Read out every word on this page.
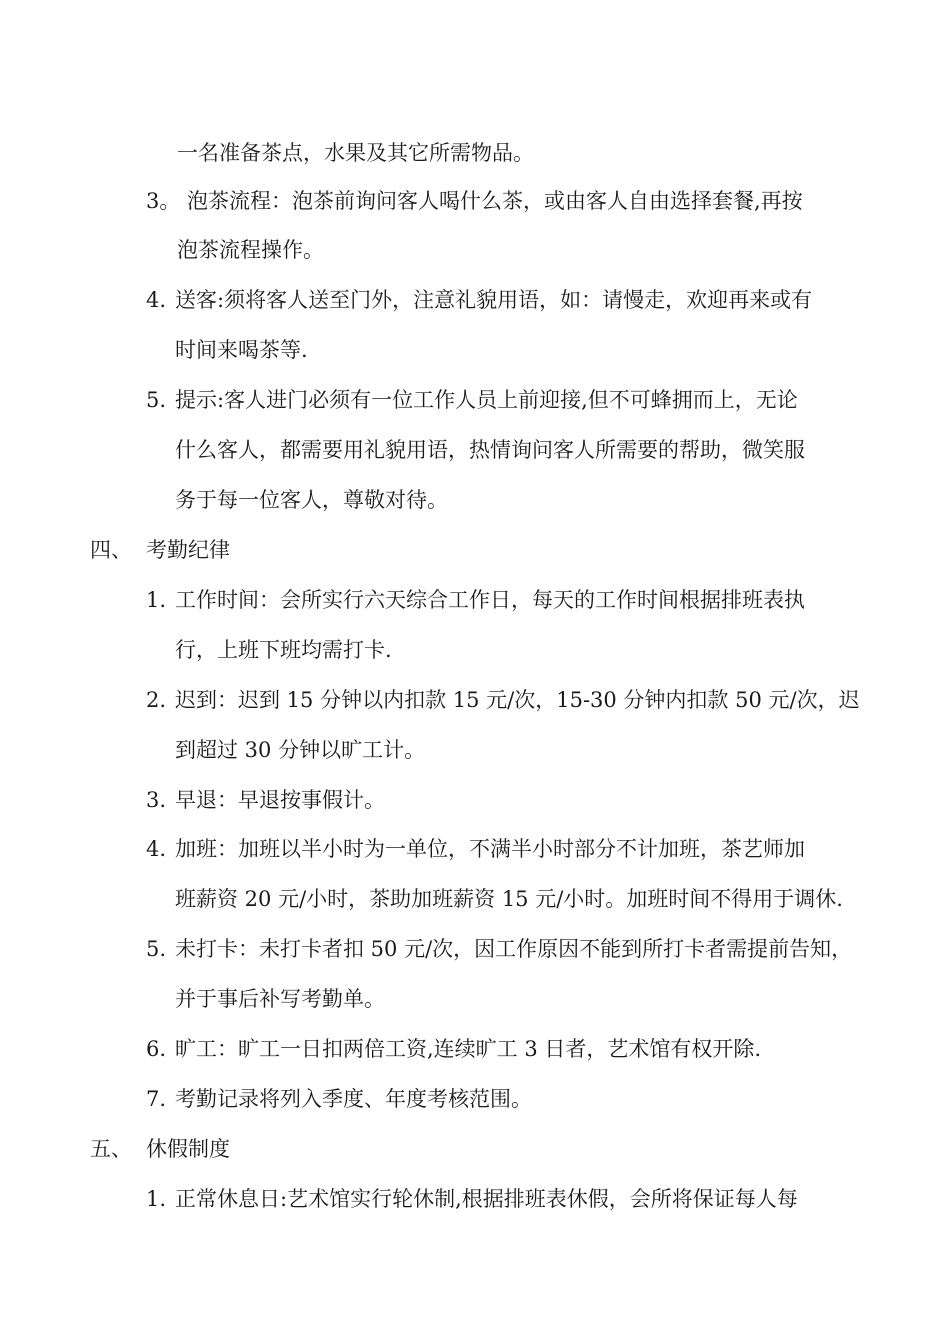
一名准备茶点，水果及其它所需物品。
3。 泡茶流程：泡茶前询问客人喝什么茶，或由客人自由选择套餐,再按
泡茶流程操作。
4. 送客:须将客人送至门外，注意礼貌用语，如：请慢走，欢迎再来或有
时间来喝茶等.
5. 提示:客人进门必须有一位工作人员上前迎接,但不可蜂拥而上，无论
什么客人，都需要用礼貌用语，热情询问客人所需要的帮助，微笑服
务于每一位客人，尊敬对待。
四、 考勤纪律
1. 工作时间：会所实行六天综合工作日，每天的工作时间根据排班表执
行，上班下班均需打卡.
2. 迟到：迟到 15 分钟以内扣款 15 元/次，15-30 分钟内扣款 50 元/次，迟
到超过 30 分钟以旷工计。
3. 早退：早退按事假计。
4. 加班：加班以半小时为一单位，不满半小时部分不计加班，茶艺师加
班薪资 20 元/小时，茶助加班薪资 15 元/小时。加班时间不得用于调休.
5. 未打卡：未打卡者扣 50 元/次，因工作原因不能到所打卡者需提前告知，
并于事后补写考勤单。
6. 旷工：旷工一日扣两倍工资,连续旷工 3 日者，艺术馆有权开除.
7. 考勤记录将列入季度、年度考核范围。
五、 休假制度
1. 正常休息日:艺术馆实行轮休制,根据排班表休假，会所将保证每人每
